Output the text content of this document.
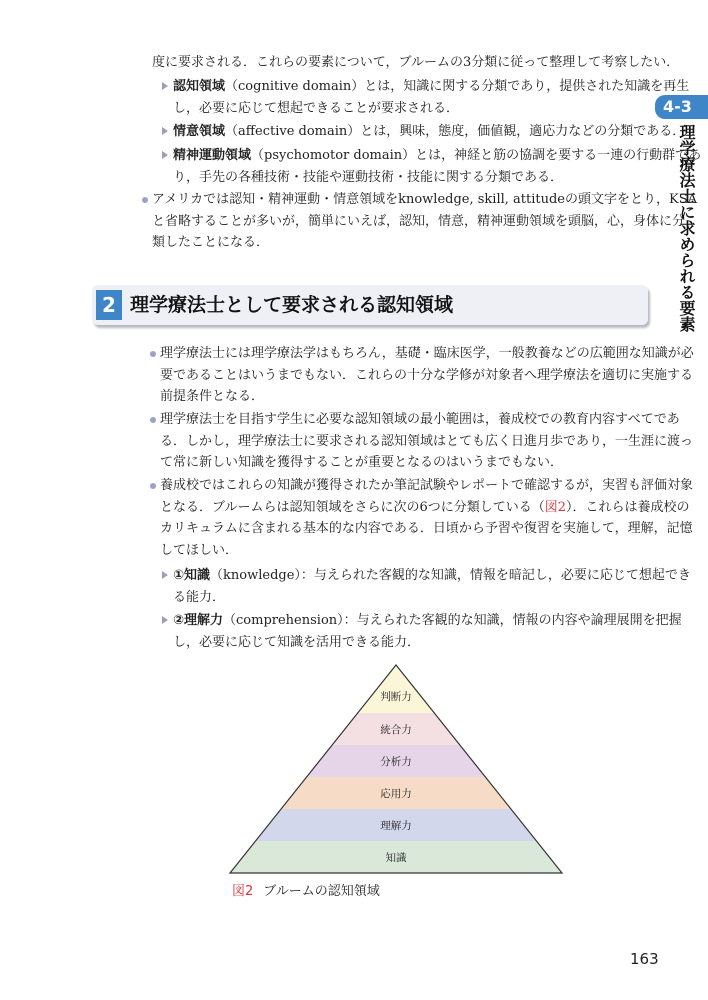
4-3
理学療法士に求められる要素
度に要求される．これらの要素について，ブルームの3分類に従って整理して考察したい．
認知領域（cognitive domain）とは，知識に関する分類であり，提供された知識を再生
し，必要に応じて想起できることが要求される．
情意領域（affective domain）とは，興味，態度，価値観，適応力などの分類である．
精神運動領域（psychomotor domain）とは，神経と筋の協調を要する一連の行動群であ
り，手先の各種技術・技能や運動技術・技能に関する分類である．
アメリカでは認知・精神運動・情意領域をknowledge, skill, attitudeの頭文字をとり，KSA
と省略することが多いが，簡単にいえば，認知，情意，精神運動領域を頭脳，心，身体に分
類したことになる．
2 理学療法士として要求される認知領域
理学療法士には理学療法学はもちろん，基礎・臨床医学，一般教養などの広範囲な知識が必
要であることはいうまでもない．これらの十分な学修が対象者へ理学療法を適切に実施する
前提条件となる．
理学療法士を目指す学生に必要な認知領域の最小範囲は，養成校での教育内容すべてであ
る．しかし，理学療法士に要求される認知領域はとても広く日進月歩であり，一生涯に渡っ
て常に新しい知識を獲得することが重要となるのはいうまでもない．
養成校ではこれらの知識が獲得されたか筆記試験やレポートで確認するが，実習も評価対象
となる．ブルームらは認知領域をさらに次の6つに分類している（図2）．これらは養成校の
カリキュラムに含まれる基本的な内容である．日頃から予習や復習を実施して，理解，記憶
してほしい．
①知識（knowledge）：与えられた客観的な知識，情報を暗記し，必要に応じて想起でき
る能力．
②理解力（comprehension）：与えられた客観的な知識，情報の内容や論理展開を把握
し，必要に応じて知識を活用できる能力．
判断力
統合力
分析力
応用力
理解力
知識
図2 ブルームの認知領域
163
